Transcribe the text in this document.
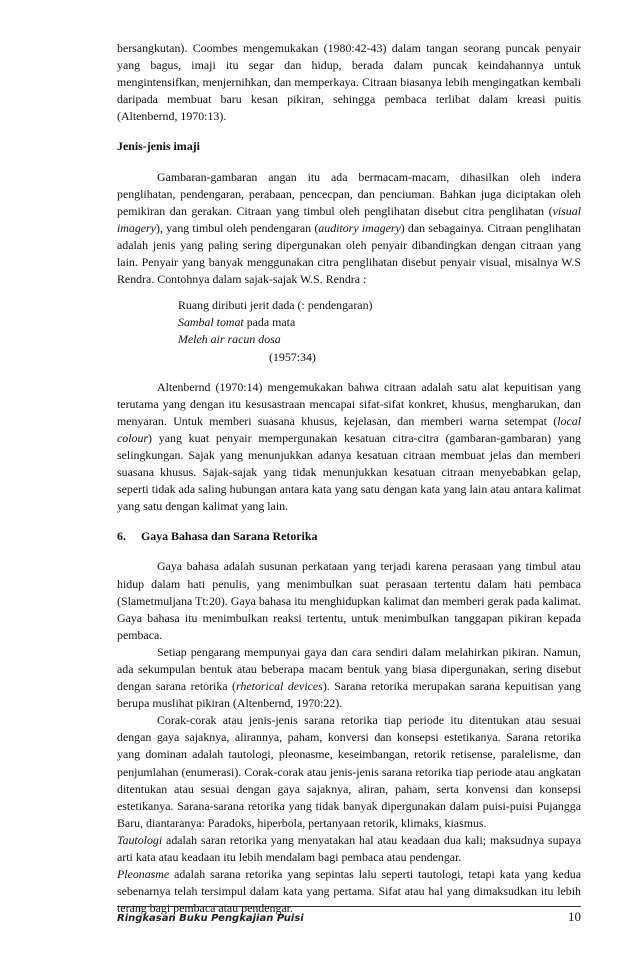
bersangkutan). Coombes mengemukakan (1980:42-43) dalam tangan seorang puncak penyair yang bagus, imaji itu segar dan hidup, berada dalam puncak keindahannya untuk mengintensifkan, menjernihkan, dan memperkaya. Citraan biasanya lebih mengingatkan kembali daripada membuat baru kesan pikiran, sehingga pembaca terlibat dalam kreasi puitis (Altenbernd, 1970:13).

Jenis-jenis imaji

Gambaran-gambaran angan itu ada bermacam-macam, dihasilkan oleh indera penglihatan, pendengaran, perabaan, pencecpan, dan penciuman. Bahkan juga diciptakan oleh pemikiran dan gerakan. Citraan yang timbul oleh penglihatan disebut citra penglihatan (visual imagery), yang timbul oleh pendengaran (auditory imagery) dan sebagainya. Citraan penglihatan adalah jenis yang paling sering dipergunakan oleh penyair dibandingkan dengan citraan yang lain. Penyair yang banyak menggunakan citra penglihatan disebut penyair visual, misalnya W.S Rendra. Contohnya dalam sajak-sajak W.S. Rendra :

Ruang diributi jerit dada (: pendengaran)
Sambal tomat pada mata
Meleh air racun dosa
(1957:34)

Altenbernd (1970:14) mengemukakan bahwa citraan adalah satu alat kepuitisan yang terutama yang dengan itu kesusastraan mencapai sifat-sifat konkret, khusus, mengharukan, dan menyaran. Untuk memberi suasana khusus, kejelasan, dan memberi warna setempat (local colour) yang kuat penyair mempergunakan kesatuan citra-citra (gambaran-gambaran) yang selingkungan. Sajak yang menunjukkan adanya kesatuan citraan membuat jelas dan memberi suasana khusus. Sajak-sajak yang tidak menunjukkan kesatuan citraan menyebabkan gelap, seperti tidak ada saling hubungan antara kata yang satu dengan kata yang lain atau antara kalimat yang satu dengan kalimat yang lain.

6. Gaya Bahasa dan Sarana Retorika

Gaya bahasa adalah susunan perkataan yang terjadi karena perasaan yang timbul atau hidup dalam hati penulis, yang menimbulkan suat perasaan tertentu dalam hati pembaca (Slametmuljana Tt:20). Gaya bahasa itu menghidupkan kalimat dan memberi gerak pada kalimat. Gaya bahasa itu menimbulkan reaksi tertentu, untuk menimbulkan tanggapan pikiran kepada pembaca.

Setiap pengarang mempunyai gaya dan cara sendiri dalam melahirkan pikiran. Namun, ada sekumpulan bentuk atau beberapa macam bentuk yang biasa dipergunakan, sering disebut dengan sarana retorika (rhetorical devices). Sarana retorika merupakan sarana kepuitisan yang berupa muslihat pikiran (Altenbernd, 1970:22).

Corak-corak atau jenis-jenis sarana retorika tiap periode itu ditentukan atau sesuai dengan gaya sajaknya, alirannya, paham, konversi dan konsepsi estetikanya. Sarana retorika yang dominan adalah tautologi, pleonasme, keseimbangan, retorik retisense, paralelisme, dan penjumlahan (enumerasi). Corak-corak atau jenis-jenis sarana retorika tiap periode atau angkatan ditentukan atau sesuai dengan gaya sajaknya, aliran, paham, serta konvensi dan konsepsi estetikanya. Sarana-sarana retorika yang tidak banyak dipergunakan dalam puisi-puisi Pujangga Baru, diantaranya: Paradoks, hiperbola, pertanyaan retorik, klimaks, kiasmus.

Tautologi adalah saran retorika yang menyatakan hal atau keadaan dua kali; maksudnya supaya arti kata atau keadaan itu lebih mendalam bagi pembaca atau pendengar.

Pleonasme adalah sarana retorika yang sepintas lalu seperti tautologi, tetapi kata yang kedua sebenarnya telah tersimpul dalam kata yang pertama. Sifat atau hal yang dimaksudkan itu lebih terang bagi pembaca atau pendengar.

Ringkasan Buku Pengkajian Puisi	10
